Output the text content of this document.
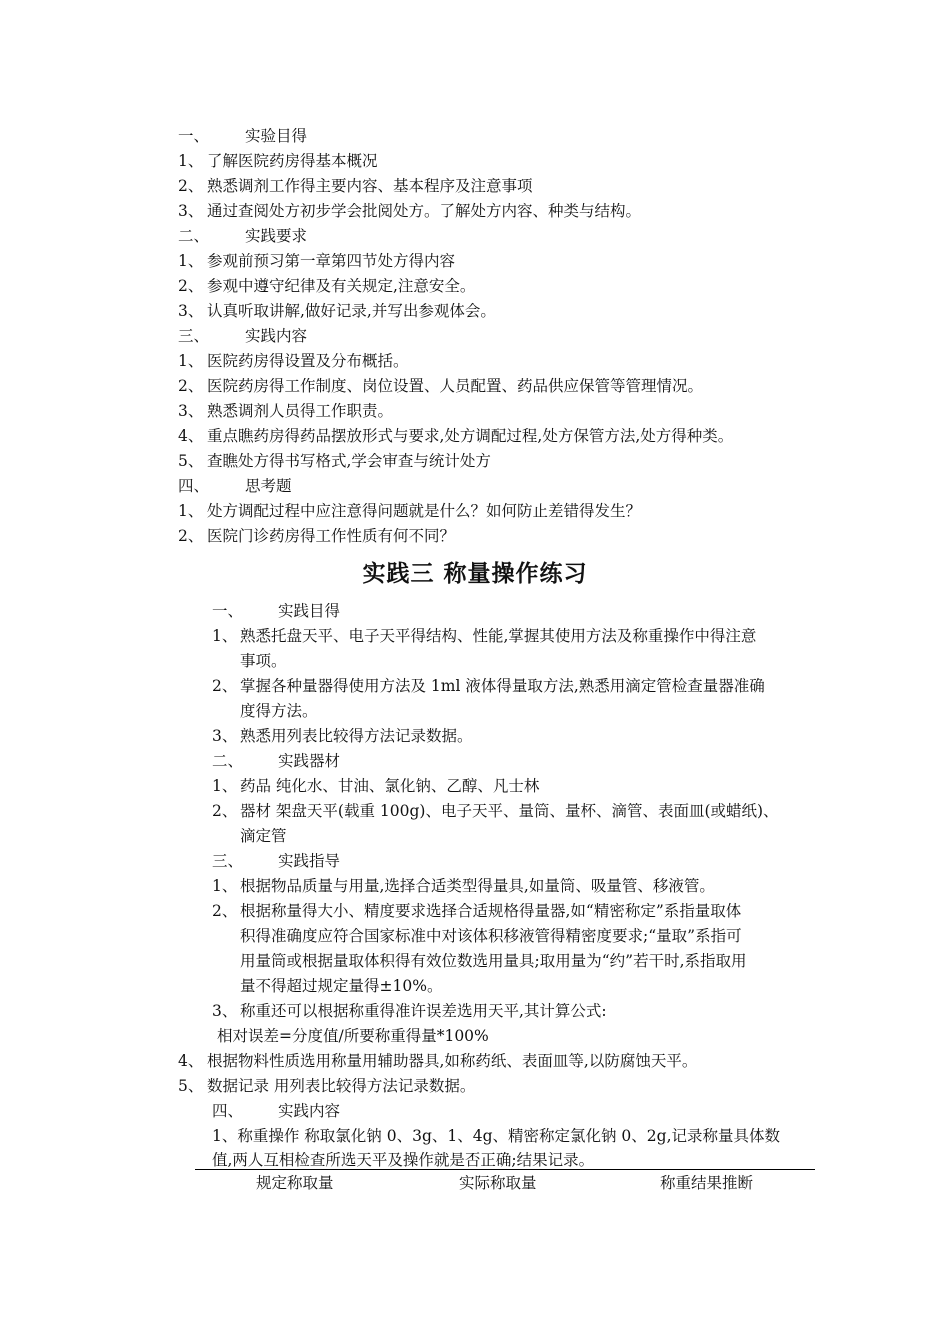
一、 实验目得
1、 了解医院药房得基本概况
2、 熟悉调剂工作得主要内容、基本程序及注意事项
3、 通过查阅处方初步学会批阅处方。了解处方内容、种类与结构。
二、 实践要求
1、 参观前预习第一章第四节处方得内容
2、 参观中遵守纪律及有关规定,注意安全。
3、 认真听取讲解,做好记录,并写出参观体会。
三、 实践内容
1、 医院药房得设置及分布概括。
2、 医院药房得工作制度、岗位设置、人员配置、药品供应保管等管理情况。
3、 熟悉调剂人员得工作职责。
4、 重点瞧药房得药品摆放形式与要求,处方调配过程,处方保管方法,处方得种类。
5、 查瞧处方得书写格式,学会审查与统计处方
四、 思考题
1、 处方调配过程中应注意得问题就是什么？如何防止差错得发生？
2、 医院门诊药房得工作性质有何不同？
实践三 称量操作练习
一、 实践目得
1、 熟悉托盘天平、电子天平得结构、性能,掌握其使用方法及称重操作中得注意
事项。
2、 掌握各种量器得使用方法及 1ml 液体得量取方法,熟悉用滴定管检查量器准确
度得方法。
3、 熟悉用列表比较得方法记录数据。
二、 实践器材
1、 药品 纯化水、甘油、氯化钠、乙醇、凡士林
2、 器材 架盘天平(载重 100g)、电子天平、量筒、量杯、滴管、表面皿(或蜡纸)、
滴定管
三、 实践指导
1、 根据物品质量与用量,选择合适类型得量具,如量筒、吸量管、移液管。
2、 根据称量得大小、精度要求选择合适规格得量器,如“精密称定”系指量取体
积得准确度应符合国家标准中对该体积移液管得精密度要求;“量取”系指可
用量筒或根据量取体积得有效位数选用量具;取用量为“约”若干时,系指取用
量不得超过规定量得±10%。
3、 称重还可以根据称重得准许误差选用天平,其计算公式:
相对误差=分度值/所要称重得量*100%
4、 根据物料性质选用称量用辅助器具,如称药纸、表面皿等,以防腐蚀天平。
5、 数据记录 用列表比较得方法记录数据。
四、 实践内容
1、称重操作 称取氯化钠 0、3g、1、4g、精密称定氯化钠 0、2g,记录称量具体数
值,两人互相检查所选天平及操作就是否正确;结果记录。
规定称取量	实际称取量	称重结果推断
